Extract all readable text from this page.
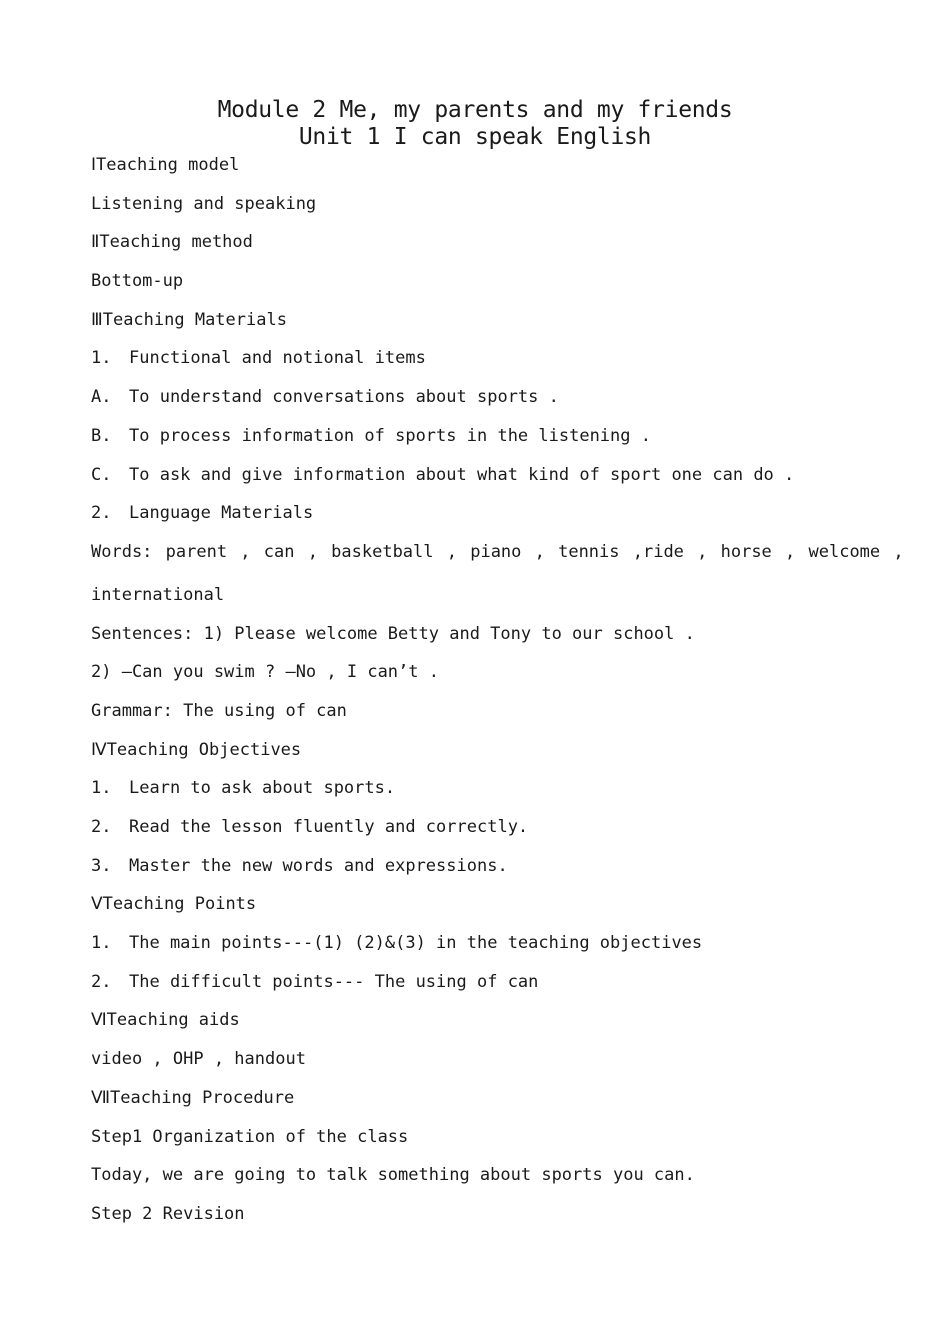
Module 2 Me, my parents and my friends
Unit 1 I can speak English
ⅠTeaching model
Listening and speaking
ⅡTeaching method
Bottom-up
ⅢTeaching Materials
1.	Functional and notional items
A.	To understand conversations about sports .
B.	To process information of sports in the listening .
C.	To ask and give information about what kind of sport one can do .
2.	Language Materials
Words: parent , can , basketball , piano , tennis ,ride , horse , welcome ,
international
Sentences: 1) Please welcome Betty and Tony to our school .
2) —Can you swim ? —No , I can’t .
Grammar: The using of can
ⅣTeaching Objectives
1.	Learn to ask about sports.
2.	Read the lesson fluently and correctly.
3.	Master the new words and expressions.
ⅤTeaching Points
1.	The main points---(1) (2)&(3) in the teaching objectives
2.	The difficult points--- The using of can
ⅥTeaching aids
video , OHP , handout
ⅦTeaching Procedure
Step1 Organization of the class
Today, we are going to talk something about sports you can.
Step 2 Revision
